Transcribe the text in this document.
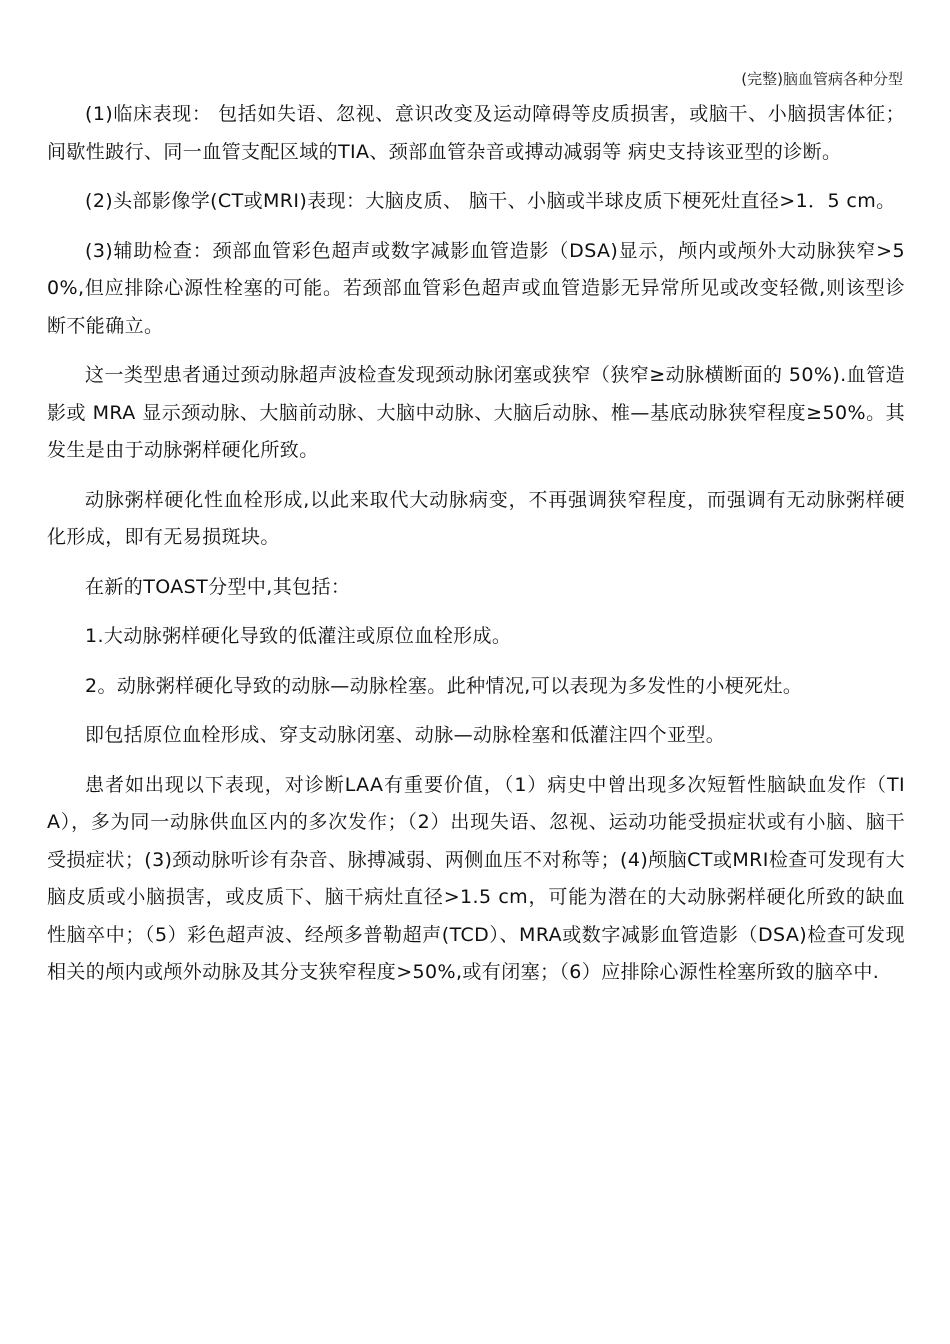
(完整)脑血管病各种分型

(1)临床表现： 包括如失语、忽视、意识改变及运动障碍等皮质损害，或脑干、小脑损害体征； 间歇性跛行、同一血管支配区域的TIA、颈部血管杂音或搏动减弱等 病史支持该亚型的诊断。

(2)头部影像学(CT或MRI)表现：大脑皮质、 脑干、小脑或半球皮质下梗死灶直径>1．5 cm。

(3)辅助检查：颈部血管彩色超声或数字减影血管造影（DSA)显示，颅内或颅外大动脉狭窄>50%,但应排除心源性栓塞的可能。若颈部血管彩色超声或血管造影无异常所见或改变轻微,则该型诊断不能确立。

这一类型患者通过颈动脉超声波检查发现颈动脉闭塞或狭窄（狭窄≥动脉横断面的 50%).血管造影或 MRA 显示颈动脉、大脑前动脉、大脑中动脉、大脑后动脉、椎—基底动脉狭窄程度≥50%。其发生是由于动脉粥样硬化所致。

动脉粥样硬化性血栓形成,以此来取代大动脉病变，不再强调狭窄程度，而强调有无动脉粥样硬化形成，即有无易损斑块。

在新的TOAST分型中,其包括：

1.大动脉粥样硬化导致的低灌注或原位血栓形成。

2。动脉粥样硬化导致的动脉—动脉栓塞。此种情况,可以表现为多发性的小梗死灶。

即包括原位血栓形成、穿支动脉闭塞、动脉—动脉栓塞和低灌注四个亚型。

患者如出现以下表现，对诊断LAA有重要价值，（1）病史中曾出现多次短暂性脑缺血发作（TIA），多为同一动脉供血区内的多次发作；（2）出现失语、忽视、运动功能受损症状或有小脑、脑干受损症状；(3)颈动脉听诊有杂音、脉搏减弱、两侧血压不对称等；(4)颅脑CT或MRI检查可发现有大脑皮质或小脑损害，或皮质下、脑干病灶直径>1.5 cm，可能为潜在的大动脉粥样硬化所致的缺血性脑卒中；（5）彩色超声波、经颅多普勒超声(TCD）、MRA或数字减影血管造影（DSA)检查可发现相关的颅内或颅外动脉及其分支狭窄程度>50%,或有闭塞；（6）应排除心源性栓塞所致的脑卒中.
